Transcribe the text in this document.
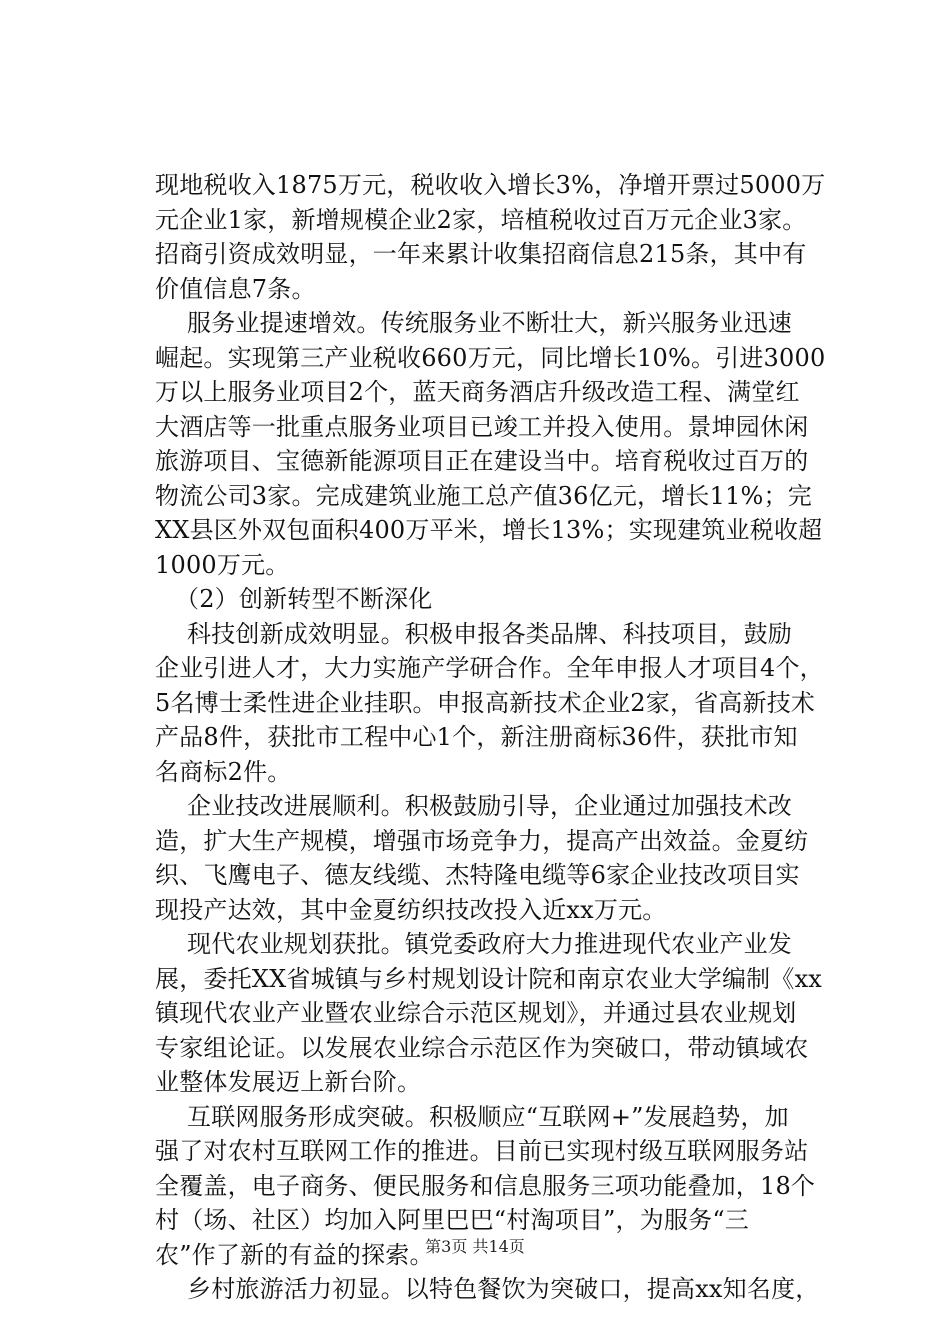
现地税收入1875万元，税收收入增长3%，净增开票过5000万
元企业1家，新增规模企业2家，培植税收过百万元企业3家。
招商引资成效明显，一年来累计收集招商信息215条，其中有
价值信息7条。
服务业提速增效。传统服务业不断壮大，新兴服务业迅速
崛起。实现第三产业税收660万元，同比增长10%。引进3000
万以上服务业项目2个，蓝天商务酒店升级改造工程、满堂红
大酒店等一批重点服务业项目已竣工并投入使用。景坤园休闲
旅游项目、宝德新能源项目正在建设当中。培育税收过百万的
物流公司3家。完成建筑业施工总产值36亿元，增长11%；完
XX县区外双包面积400万平米，增长13%；实现建筑业税收超
1000万元。
（2）创新转型不断深化
科技创新成效明显。积极申报各类品牌、科技项目，鼓励
企业引进人才，大力实施产学研合作。全年申报人才项目4个，
5名博士柔性进企业挂职。申报高新技术企业2家，省高新技术
产品8件，获批市工程中心1个，新注册商标36件，获批市知
名商标2件。
企业技改进展顺利。积极鼓励引导，企业通过加强技术改
造，扩大生产规模，增强市场竞争力，提高产出效益。金夏纺
织、飞鹰电子、德友线缆、杰特隆电缆等6家企业技改项目实
现投产达效，其中金夏纺织技改投入近xx万元。
现代农业规划获批。镇党委政府大力推进现代农业产业发
展，委托XX省城镇与乡村规划设计院和南京农业大学编制《xx
镇现代农业产业暨农业综合示范区规划》，并通过县农业规划
专家组论证。以发展农业综合示范区作为突破口，带动镇域农
业整体发展迈上新台阶。
互联网服务形成突破。积极顺应“互联网+”发展趋势，加
强了对农村互联网工作的推进。目前已实现村级互联网服务站
全覆盖，电子商务、便民服务和信息服务三项功能叠加，18个
村（场、社区）均加入阿里巴巴“村淘项目”，为服务“三
农”作了新的有益的探索。
乡村旅游活力初显。以特色餐饮为突破口，提高xx知名度，
第3页 共14页
